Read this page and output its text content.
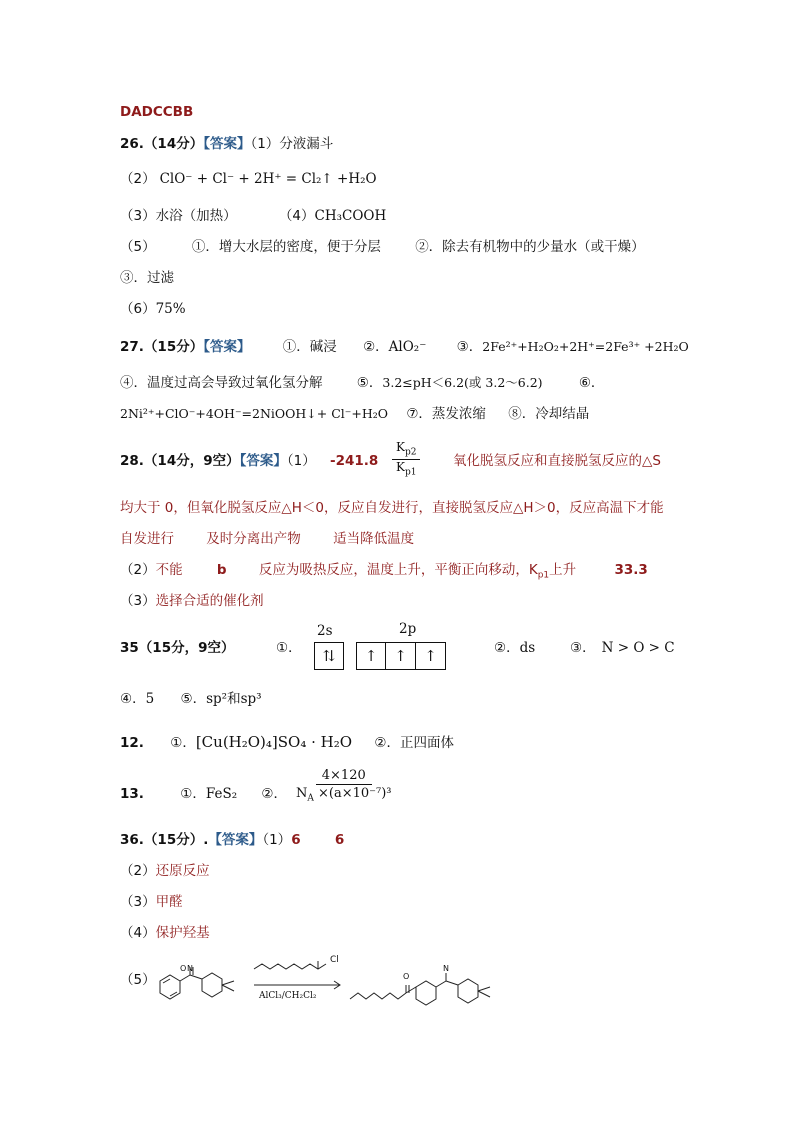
DADCCBB
26.（14分）【答案】（1）分液漏斗
（2） ClO⁻ + Cl⁻ + 2H⁺ = Cl₂↑ +H₂O
（3）水浴（加热）	（4）CH₃COOH
（5）	①．增大水层的密度，便于分层	②．除去有机物中的少量水（或干燥）
③．过滤
（6）75%
27.（15分）【答案】 ①．碱浸 ②．AlO₂⁻ ③．2Fe²⁺+H₂O₂+2H⁺=2Fe³⁺ +2H₂O
④．温度过高会导致过氧化氢分解	⑤．3.2≤pH＜6.2(或 3.2～6.2)	⑥．
2Ni²⁺+ClO⁻+4OH⁻=2NiOOH↓+ Cl⁻+H₂O ⑦．蒸发浓缩 ⑧．冷却结晶
28.（14分，9空）【答案】（1） $-241.8 \frac{K_{p2}}{K_{p1}}$ 氧化脱氢反应和直接脱氢反应的△S
均大于 0，但氧化脱氢反应△H＜0，反应自发进行，直接脱氢反应△H＞0，反应高温下才能
自发进行 及时分离出产物 适当降低温度
（2）不能	b 反应为吸热反应，温度上升，平衡正向移动，$K_{p1}$上升	33.3
（3）选择合适的催化剂
35（15分，9空）	①．
2s	2p
⇅	↑	↑	↑	②．ds	③． N > O > C
④．5 ⑤．sp²和sp³
12. ①．[Cu(H₂O)₄]SO₄ · H₂O ②．正四面体
13.	①．FeS₂ ②． $\frac{4\times 120}{N_A \times(a\times 10^{-7})^3}$
36.（15分）.【答案】（1）6	6
（2）还原反应
（3）甲醛
（4）保护羟基
（5）
O N
Cl
AlCl₃/CH₂Cl₂
O
N
